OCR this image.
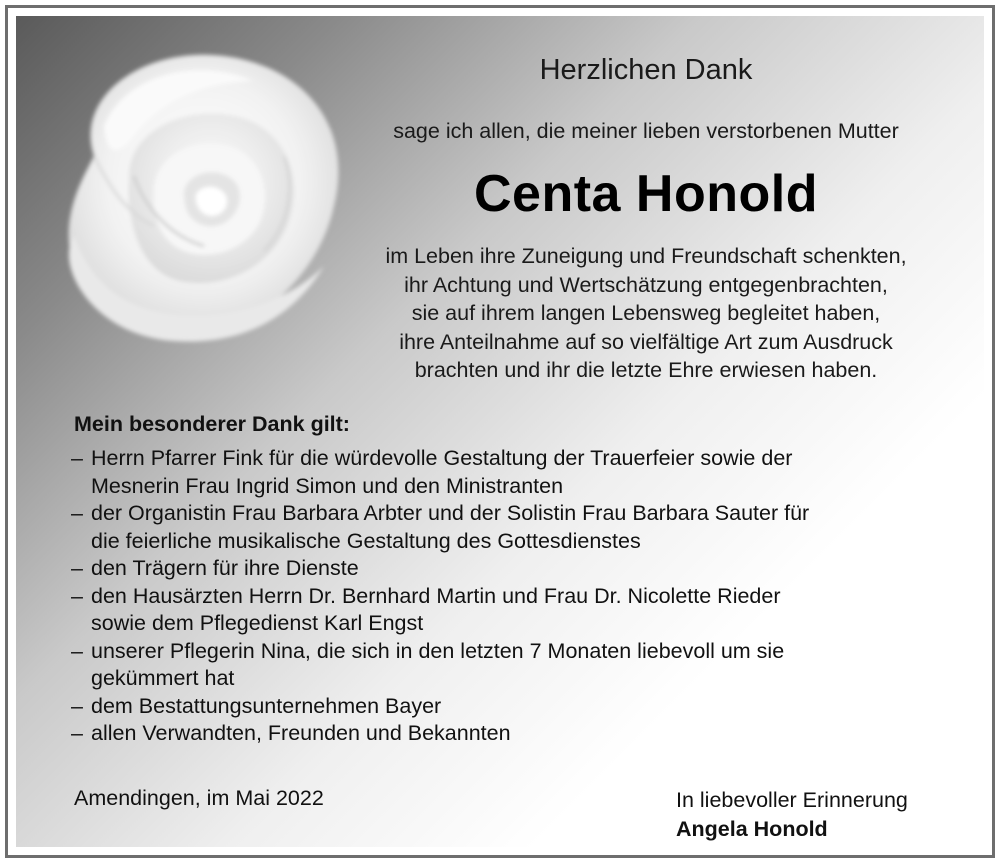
Herzlichen Dank
sage ich allen, die meiner lieben verstorbenen Mutter
Centa Honold
im Leben ihre Zuneigung und Freundschaft schenkten,
ihr Achtung und Wertschätzung entgegenbrachten,
sie auf ihrem langen Lebensweg begleitet haben,
ihre Anteilnahme auf so vielfältige Art zum Ausdruck
brachten und ihr die letzte Ehre erwiesen haben.
Mein besonderer Dank gilt:
– Herrn Pfarrer Fink für die würdevolle Gestaltung der Trauerfeier sowie der
Mesnerin Frau Ingrid Simon und den Ministranten
– der Organistin Frau Barbara Arbter und der Solistin Frau Barbara Sauter für
die feierliche musikalische Gestaltung des Gottesdienstes
– den Trägern für ihre Dienste
– den Hausärzten Herrn Dr. Bernhard Martin und Frau Dr. Nicolette Rieder
sowie dem Pflegedienst Karl Engst
– unserer Pflegerin Nina, die sich in den letzten 7 Monaten liebevoll um sie
gekümmert hat
– dem Bestattungsunternehmen Bayer
– allen Verwandten, Freunden und Bekannten
Amendingen, im Mai 2022	In liebevoller Erinnerung
Angela Honold
